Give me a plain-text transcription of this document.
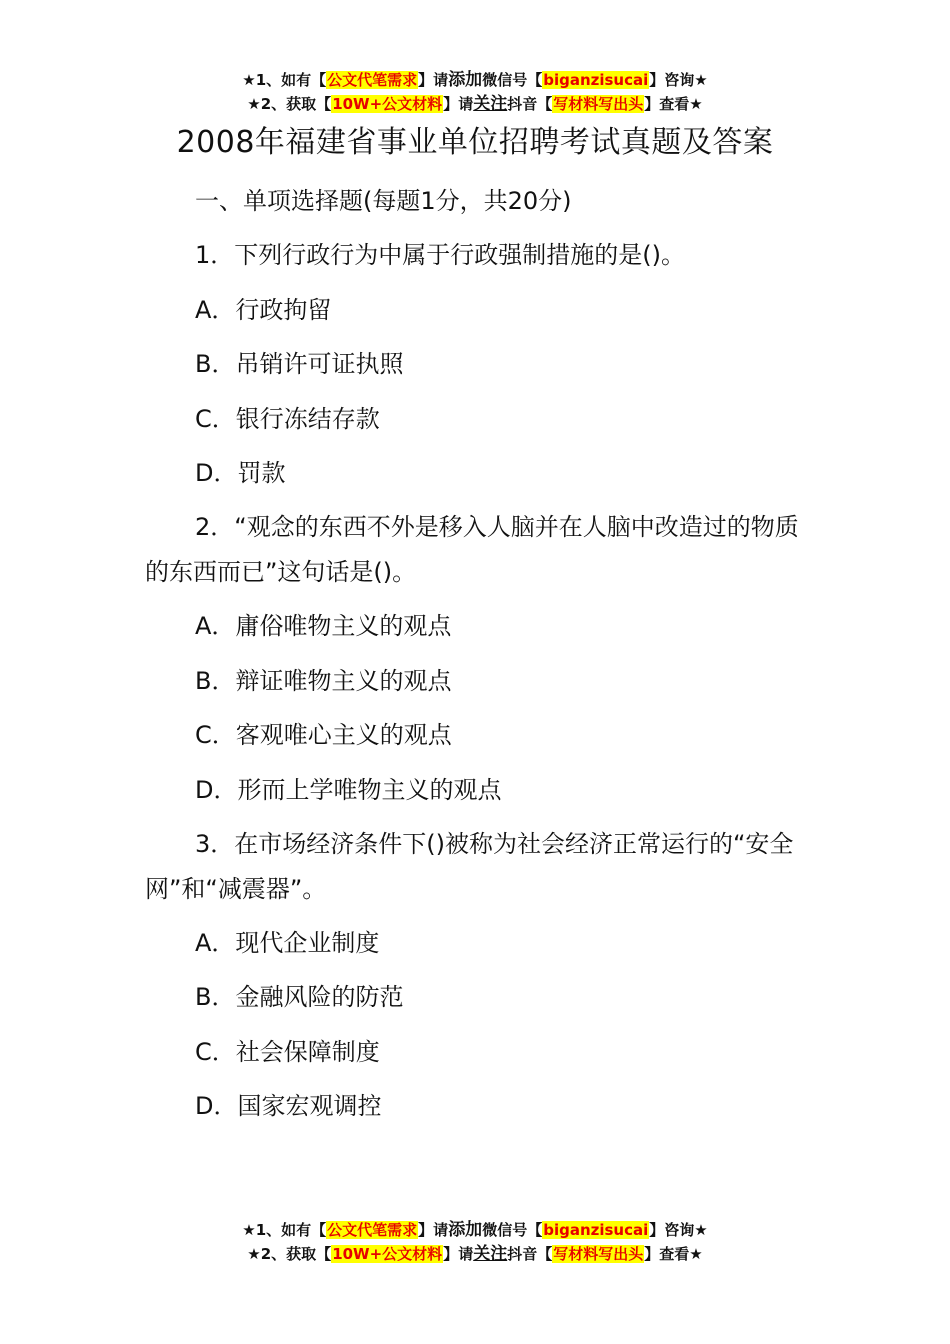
★1、如有【公文代笔需求】请添加微信号【biganzisucai】咨询★
★2、获取【10W+公文材料】请关注抖音【写材料写出头】查看★
2008年福建省事业单位招聘考试真题及答案

一、单项选择题(每题1分，共20分)

1．下列行政行为中属于行政强制措施的是()。

A．行政拘留

B．吊销许可证执照

C．银行冻结存款

D．罚款

2．“观念的东西不外是移入人脑并在人脑中改造过的物质的东西而已”这句话是()。

A．庸俗唯物主义的观点

B．辩证唯物主义的观点

C．客观唯心主义的观点

D．形而上学唯物主义的观点

3．在市场经济条件下()被称为社会经济正常运行的“安全网”和“减震器”。

A．现代企业制度

B．金融风险的防范

C．社会保障制度

D．国家宏观调控

★1、如有【公文代笔需求】请添加微信号【biganzisucai】咨询★
★2、获取【10W+公文材料】请关注抖音【写材料写出头】查看★
